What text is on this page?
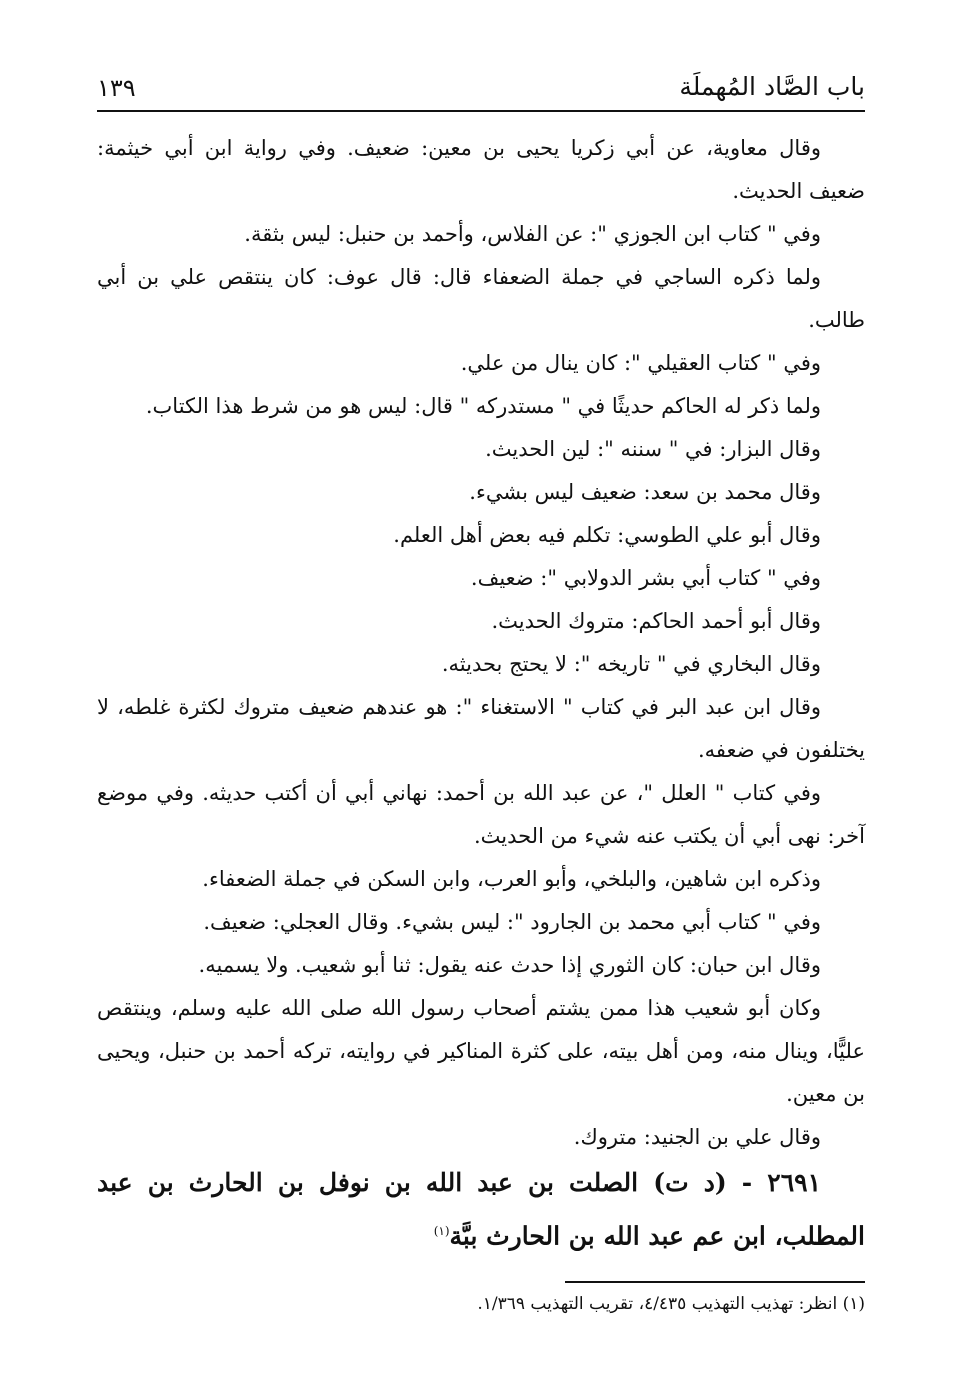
باب الصَّاد المُهملَة
١٣٩

وقال معاوية، عن أبي زكريا يحيى بن معين: ضعيف. وفي رواية ابن أبي خيثمة: ضعيف الحديث.

وفي " كتاب ابن الجوزي ": عن الفلاس، وأحمد بن حنبل: ليس بثقة.

ولما ذكره الساجي في جملة الضعفاء قال: قال عوف: كان ينتقص علي بن أبي طالب.

وفي " كتاب العقيلي ": كان ينال من علي.

ولما ذكر له الحاكم حديثًا في " مستدركه " قال: ليس هو من شرط هذا الكتاب.

وقال البزار: في " سننه ": لين الحديث.

وقال محمد بن سعد: ضعيف ليس بشيء.

وقال أبو علي الطوسي: تكلم فيه بعض أهل العلم.

وفي " كتاب أبي بشر الدولابي ": ضعيف.

وقال أبو أحمد الحاكم: متروك الحديث.

وقال البخاري في " تاريخه ": لا يحتج بحديثه.

وقال ابن عبد البر في كتاب " الاستغناء ": هو عندهم ضعيف متروك لكثرة غلطه، لا يختلفون في ضعفه.

وفي كتاب " العلل "، عن عبد الله بن أحمد: نهاني أبي أن أكتب حديثه. وفي موضع آخر: نهى أبي أن يكتب عنه شيء من الحديث.

وذكره ابن شاهين، والبلخي، وأبو العرب، وابن السكن في جملة الضعفاء.

وفي " كتاب أبي محمد بن الجارود ": ليس بشيء. وقال العجلي: ضعيف.

وقال ابن حبان: كان الثوري إذا حدث عنه يقول: ثنا أبو شعيب. ولا يسميه.

وكان أبو شعيب هذا ممن يشتم أصحاب رسول الله صلى الله عليه وسلم، وينتقص عليًّا، وينال منه، ومن أهل بيته، على كثرة المناكير في روايته، تركه أحمد بن حنبل، ويحيى بن معين.

وقال علي بن الجنيد: متروك.

٢٦٩١ - (د ت) الصلت بن عبد الله بن نوفل بن الحارث بن عبد المطلب، ابن عم عبد الله بن الحارث ببَّة$^{(١)}$

(١) انظر: تهذيب التهذيب ٤/٤٣٥، تقريب التهذيب ١/٣٦٩.
